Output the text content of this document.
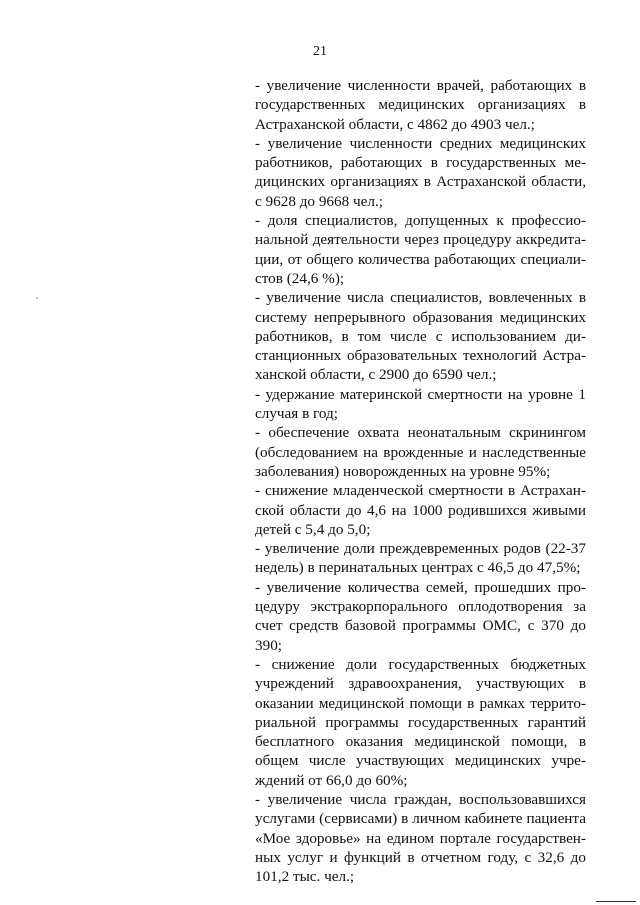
21

- увеличение численности врачей, работающих в государственных медицинских организациях в Астраханской области, с 4862 до 4903 чел.;

- увеличение численности средних медицинских работников, работающих в государственных медицинских организациях в Астраханской области, с 9628 до 9668 чел.;

- доля специалистов, допущенных к профессиональной деятельности через процедуру аккредитации, от общего количества работающих специалистов (24,6 %);

- увеличение числа специалистов, вовлеченных в систему непрерывного образования медицинских работников, в том числе с использованием дистанционных образовательных технологий Астраханской области, с 2900 до 6590 чел.;

- удержание материнской смертности на уровне 1 случая в год;

- обеспечение охвата неонатальным скринингом (обследованием на врожденные и наследственные заболевания) новорожденных на уровне 95%;

- снижение младенческой смертности в Астраханской области до 4,6 на 1000 родившихся живыми детей с 5,4 до 5,0;

- увеличение доли преждевременных родов (22-37 недель) в перинатальных центрах с 46,5 до 47,5%;

- увеличение количества семей, прошедших процедуру экстракорпорального оплодотворения за счет средств базовой программы ОМС, с 370 до 390;

- снижение доли государственных бюджетных учреждений здравоохранения, участвующих в оказании медицинской помощи в рамках территориальной программы государственных гарантий бесплатного оказания медицинской помощи, в общем числе участвующих медицинских учреждений от 66,0 до 60%;

- увеличение числа граждан, воспользовавшихся услугами (сервисами) в личном кабинете пациента «Мое здоровье» на едином портале государственных услуг и функций в отчетном году, с 32,6 до 101,2 тыс. чел.;
